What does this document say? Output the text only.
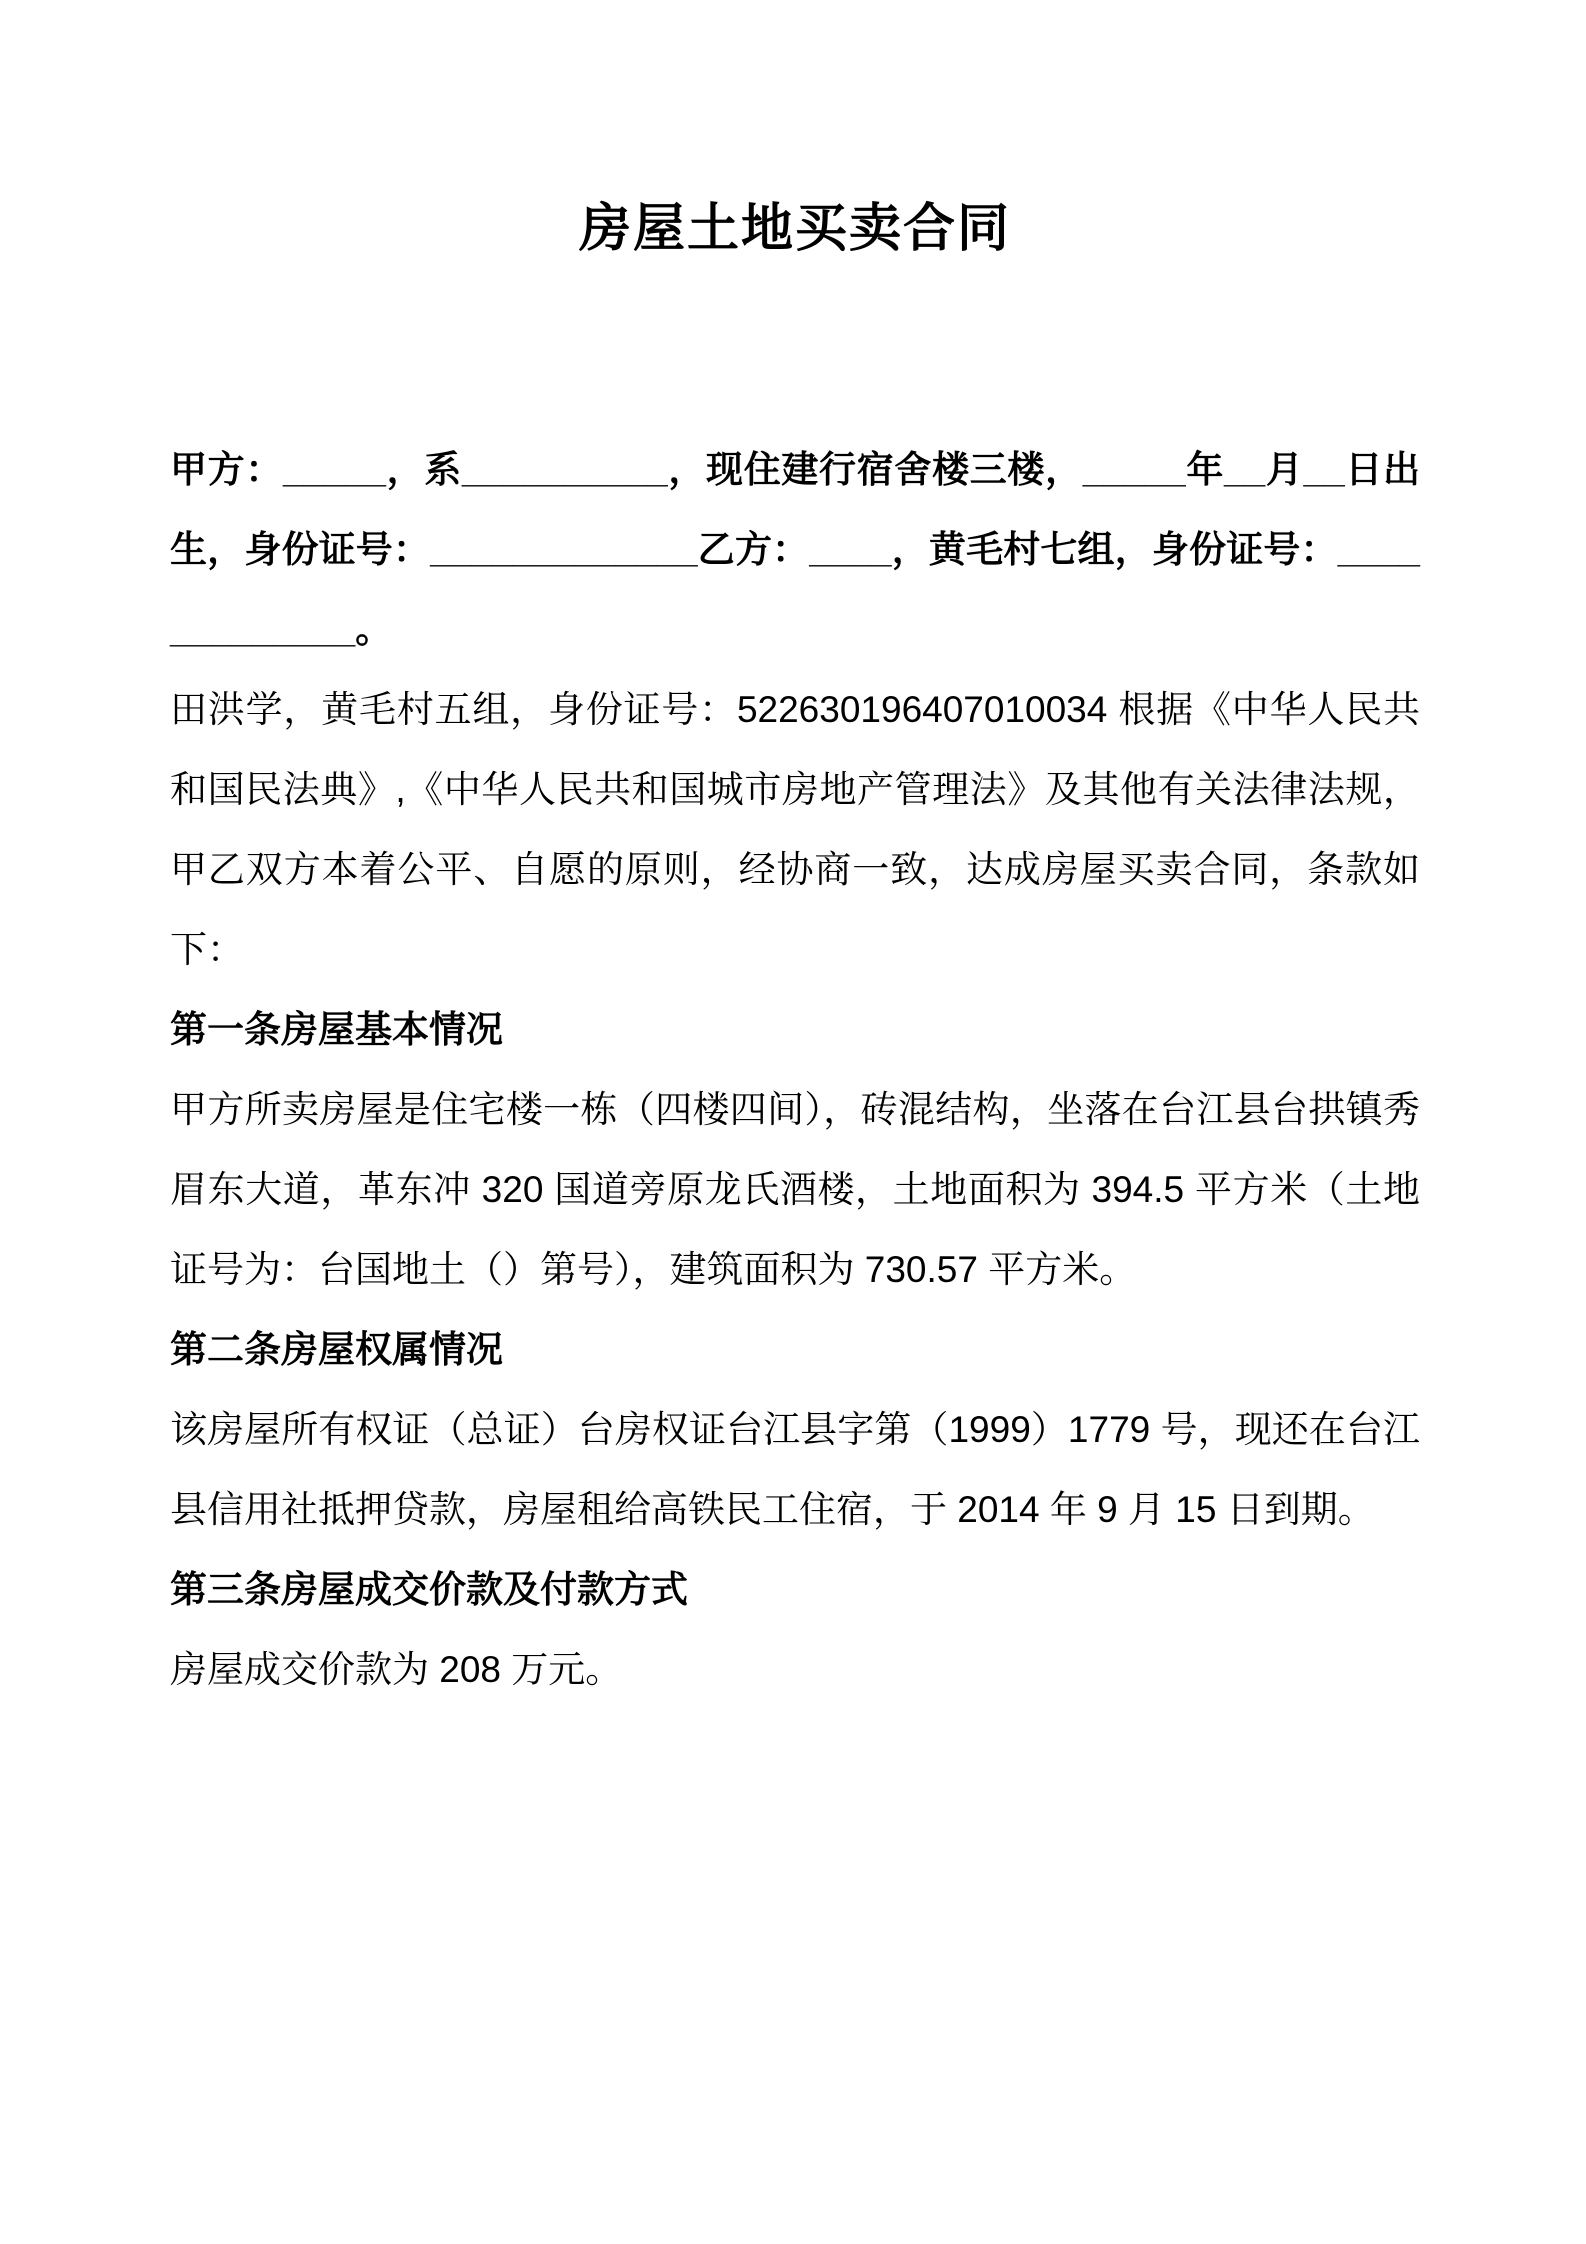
房屋土地买卖合同

甲方：_____，系__________，现住建行宿舍楼三楼，_____年__月__日出生，身份证号：_____________乙方：____，黄毛村七组，身份证号：_____________。

田洪学，黄毛村五组，身份证号：522630196407010034 根据《中华人民共和国民法典》,《中华人民共和国城市房地产管理法》及其他有关法律法规，甲乙双方本着公平、自愿的原则，经协商一致，达成房屋买卖合同，条款如下：

第一条房屋基本情况

甲方所卖房屋是住宅楼一栋（四楼四间），砖混结构，坐落在台江县台拱镇秀眉东大道，革东冲 320 国道旁原龙氏酒楼，土地面积为 394.5 平方米（土地证号为：台国地土（）第号），建筑面积为 730.57 平方米。

第二条房屋权属情况

该房屋所有权证（总证）台房权证台江县字第（1999）1779 号，现还在台江县信用社抵押贷款，房屋租给高铁民工住宿，于 2014 年 9 月 15 日到期。

第三条房屋成交价款及付款方式

房屋成交价款为 208 万元。
